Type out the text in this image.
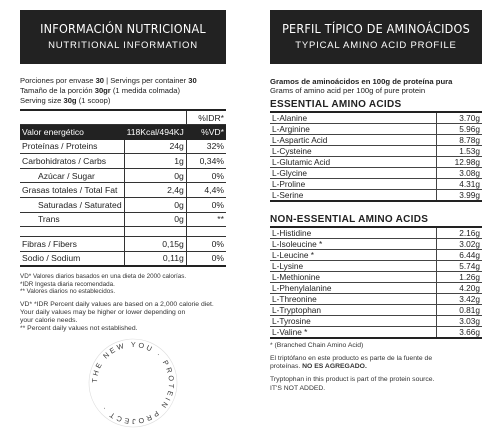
INFORMACIÓN NUTRICIONAL
NUTRITIONAL INFORMATION
Porciones por envase 30 | Servings per container 30
Tamaño de la porción 30gr (1 medida colmada)
Serving size 30g (1 scoop)
		%IDR*
Valor energético	118Kcal/494KJ	%VD*
Proteínas / Proteins	24g	32%
Carbohidratos / Carbs	1g	0,34%
Azúcar / Sugar	0g	0%
Grasas totales / Total Fat	2,4g	4,4%
Saturadas / Saturated	0g	0%
Trans	0g	**

Fibras / Fibers	0,15g	0%
Sodio / Sodium	0,11g	0%
VD* Valores diarios basados en una dieta de 2000 calorías.
*IDR Ingesta diaria recomendada.
** Valores diarios no establecidos.
VD* *IDR Percent daily values are based on a 2,000 calorie diet.
Your daily values may be higher or lower depending on
your calorie needs.
** Percent daily values not established.
THE NEW YOU · PROTEIN PROJECT ·
PERFIL TÍPICO DE AMINOÁCIDOS
TYPICAL AMINO ACID PROFILE
Gramos de aminoácidos en 100g de proteína pura
Grams of amino acid per 100g of pure protein
ESSENTIAL AMINO ACIDS
L-Alanine	3.70g
L-Arginine	5.96g
L-Aspartic Acid	8.78g
L-Cysteine	1.53g
L-Glutamic Acid	12.98g
L-Glycine	3.08g
L-Proline	4.31g
L-Serine	3.99g
NON-ESSENTIAL AMINO ACIDS
L-Histidine	2.16g
L-Isoleucine *	3.02g
L-Leucine *	6.44g
L-Lysine	5.74g
L-Methionine	1.26g
L-Phenylalanine	4.20g
L-Threonine	3.42g
L-Tryptophan	0.81g
L-Tyrosine	3.03g
L-Valine *	3.66g
* (Branched Chain Amino Acid)
El triptófano en este producto es parte de la fuente de
proteínas. NO ES AGREGADO.
Tryptophan in this product is part of the protein source.
IT'S NOT ADDED.
